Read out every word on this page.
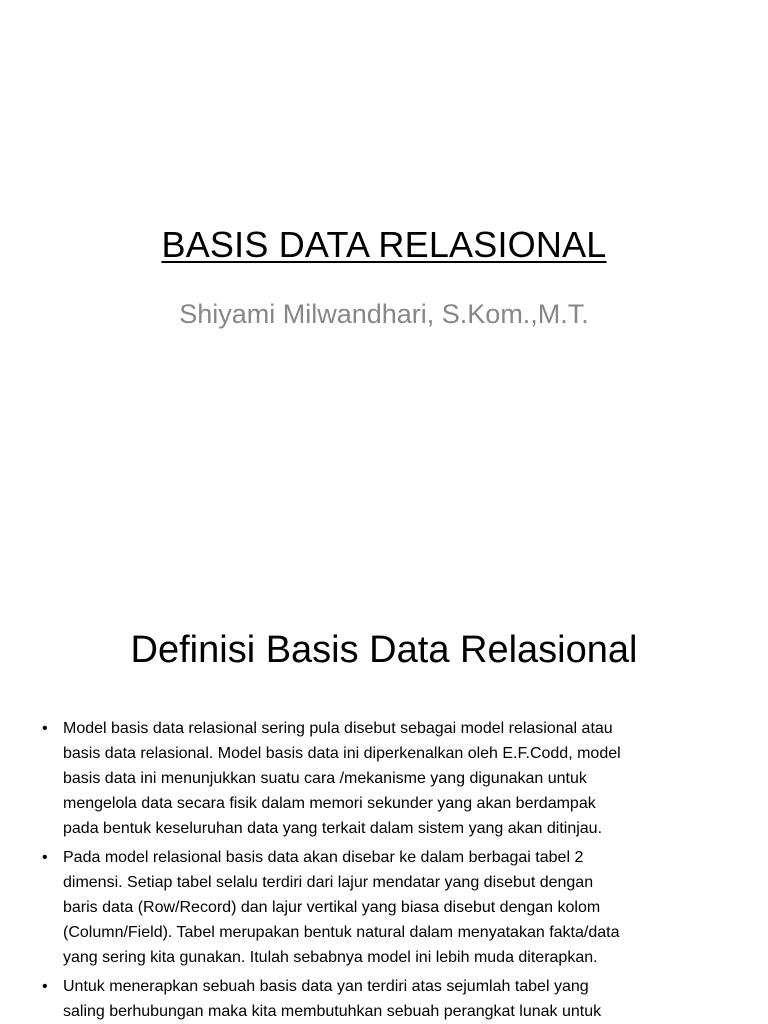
BASIS DATA RELASIONAL
Shiyami Milwandhari, S.Kom.,M.T.
Definisi Basis Data Relasional
• Model basis data relasional sering pula disebut sebagai model relasional atau
basis data relasional. Model basis data ini diperkenalkan oleh E.F.Codd, model
basis data ini menunjukkan suatu cara /mekanisme yang digunakan untuk
mengelola data secara fisik dalam memori sekunder yang akan berdampak
pada bentuk keseluruhan data yang terkait dalam sistem yang akan ditinjau.
• Pada model relasional basis data akan disebar ke dalam berbagai tabel 2
dimensi. Setiap tabel selalu terdiri dari lajur mendatar yang disebut dengan
baris data (Row/Record) dan lajur vertikal yang biasa disebut dengan kolom
(Column/Field). Tabel merupakan bentuk natural dalam menyatakan fakta/data
yang sering kita gunakan. Itulah sebabnya model ini lebih muda diterapkan.
• Untuk menerapkan sebuah basis data yan terdiri atas sejumlah tabel yang
saling berhubungan maka kita membutuhkan sebuah perangkat lunak untuk
